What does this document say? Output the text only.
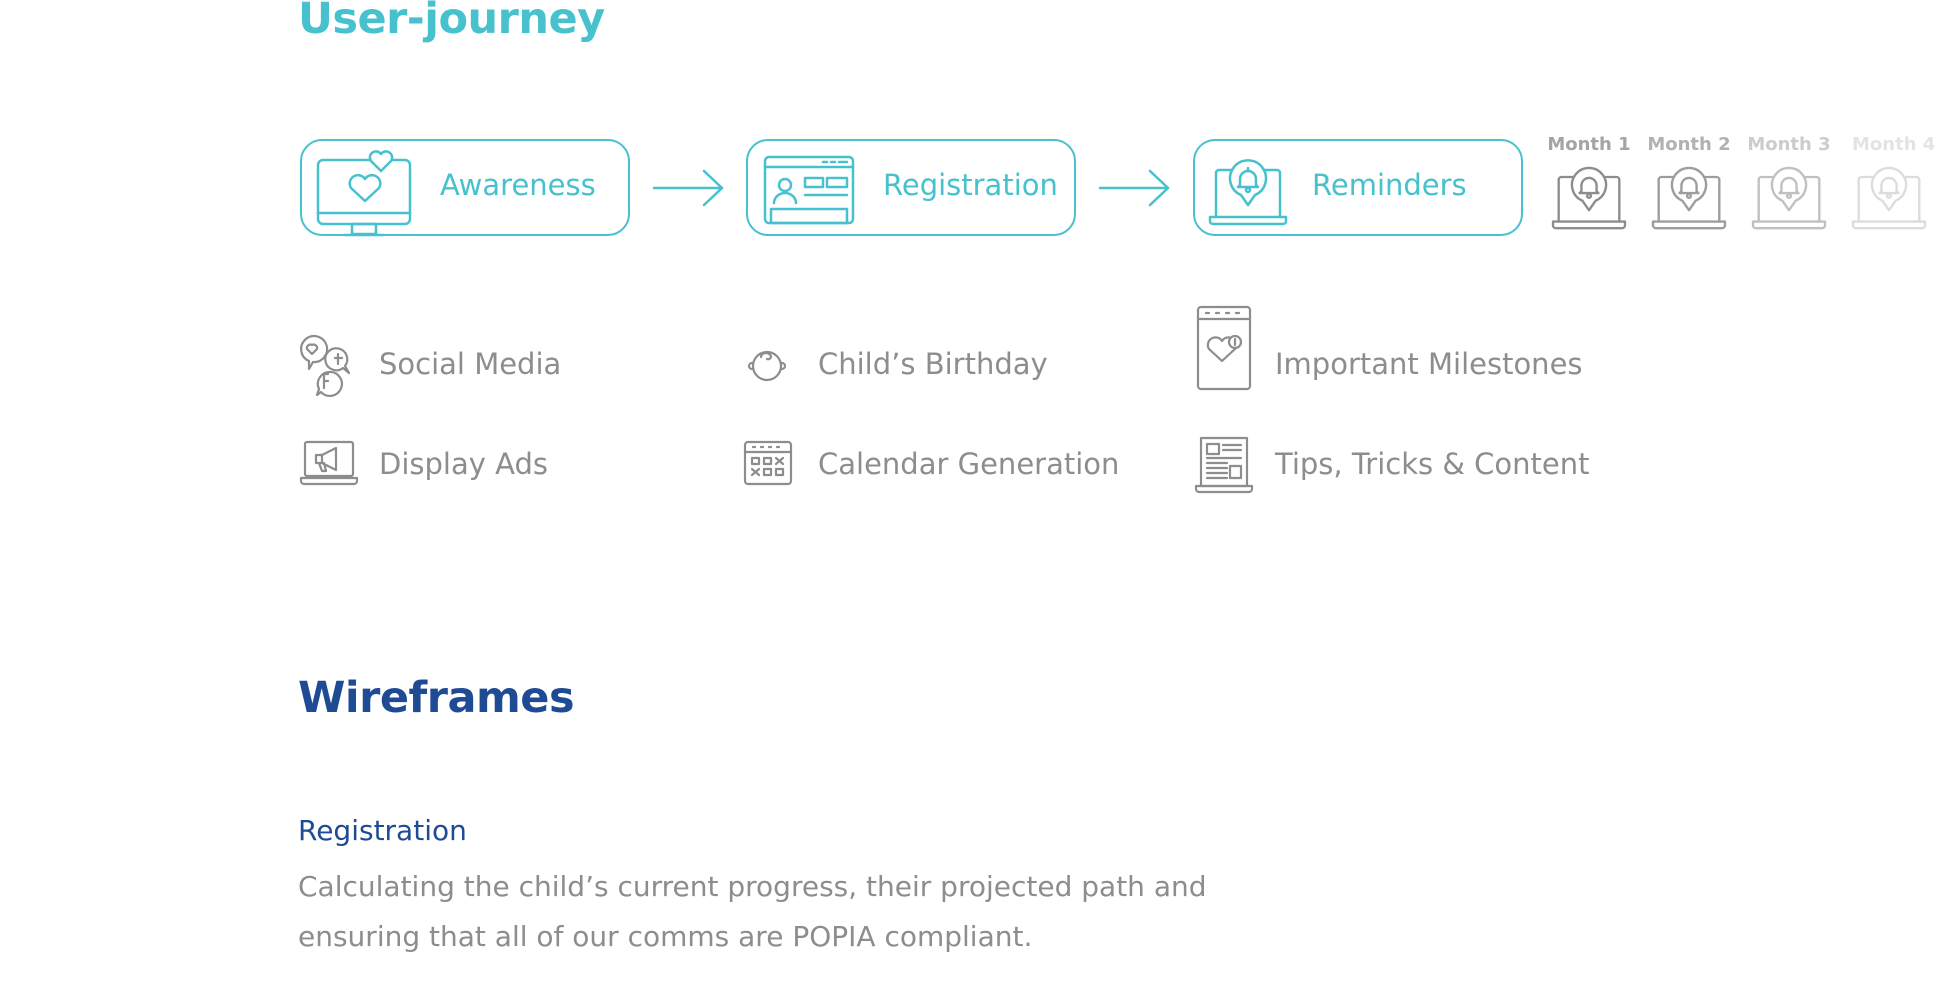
User-journey
Awareness	Registration	Reminders
Month 1 Month 2 Month 3	Month 4
Social Media
Display Ads
Child’s Birthday
Calendar Generation
Important Milestones
Tips, Tricks & Content
Wireframes
Registration
Calculating the child’s current progress, their projected path and ensuring that all of our comms are POPIA compliant.
